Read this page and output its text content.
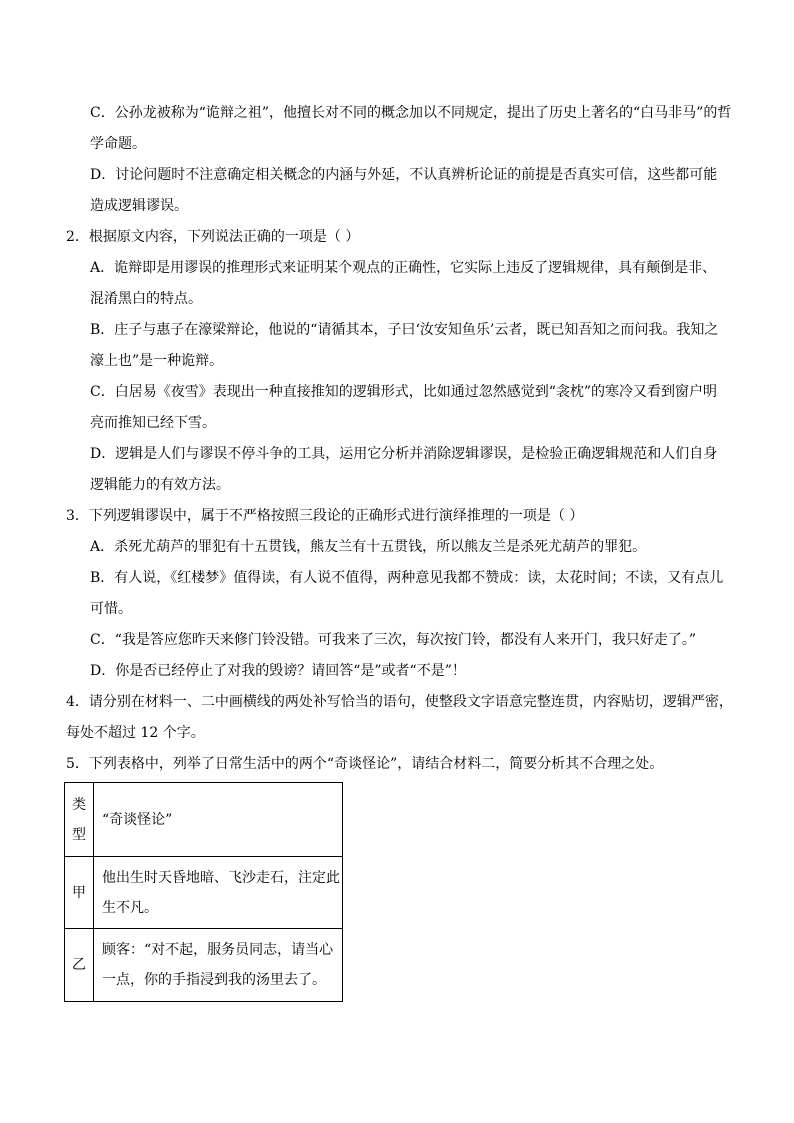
C．公孙龙被称为“诡辩之祖”，他擅长对不同的概念加以不同规定，提出了历史上著名的“白马非马”的哲
学命题。
D．讨论问题时不注意确定相关概念的内涵与外延，不认真辨析论证的前提是否真实可信，这些都可能
造成逻辑谬误。
2．根据原文内容，下列说法正确的一项是（ ）
A．诡辩即是用谬误的推理形式来证明某个观点的正确性，它实际上违反了逻辑规律，具有颠倒是非、
混淆黑白的特点。
B．庄子与惠子在濠梁辩论，他说的“请循其本，子曰‘汝安知鱼乐’云者，既已知吾知之而问我。我知之
濠上也”是一种诡辩。
C．白居易《夜雪》表现出一种直接推知的逻辑形式，比如通过忽然感觉到“衾枕”的寒冷又看到窗户明
亮而推知已经下雪。
D．逻辑是人们与谬误不停斗争的工具，运用它分析并消除逻辑谬误，是检验正确逻辑规范和人们自身
逻辑能力的有效方法。
3．下列逻辑谬误中，属于不严格按照三段论的正确形式进行演绎推理的一项是（ ）
A．杀死尤葫芦的罪犯有十五贯钱，熊友兰有十五贯钱，所以熊友兰是杀死尤葫芦的罪犯。
B．有人说，《红楼梦》值得读，有人说不值得，两种意见我都不赞成：读，太花时间；不读，又有点儿
可惜。
C．“我是答应您昨天来修门铃没错。可我来了三次，每次按门铃，都没有人来开门，我只好走了。”
D．你是否已经停止了对我的毁谤？请回答“是”或者“不是”！
4．请分别在材料一、二中画横线的两处补写恰当的语句，使整段文字语意完整连贯，内容贴切，逻辑严密，
每处不超过 12 个字。
5．下列表格中，列举了日常生活中的两个“奇谈怪论”，请结合材料二，简要分析其不合理之处。
类
型	“奇谈怪论”
甲	他出生时天昏地暗、飞沙走石，注定此
生不凡。

乙	顾客：“对不起，服务员同志，请当心
一点，你的手指浸到我的汤里去了。
